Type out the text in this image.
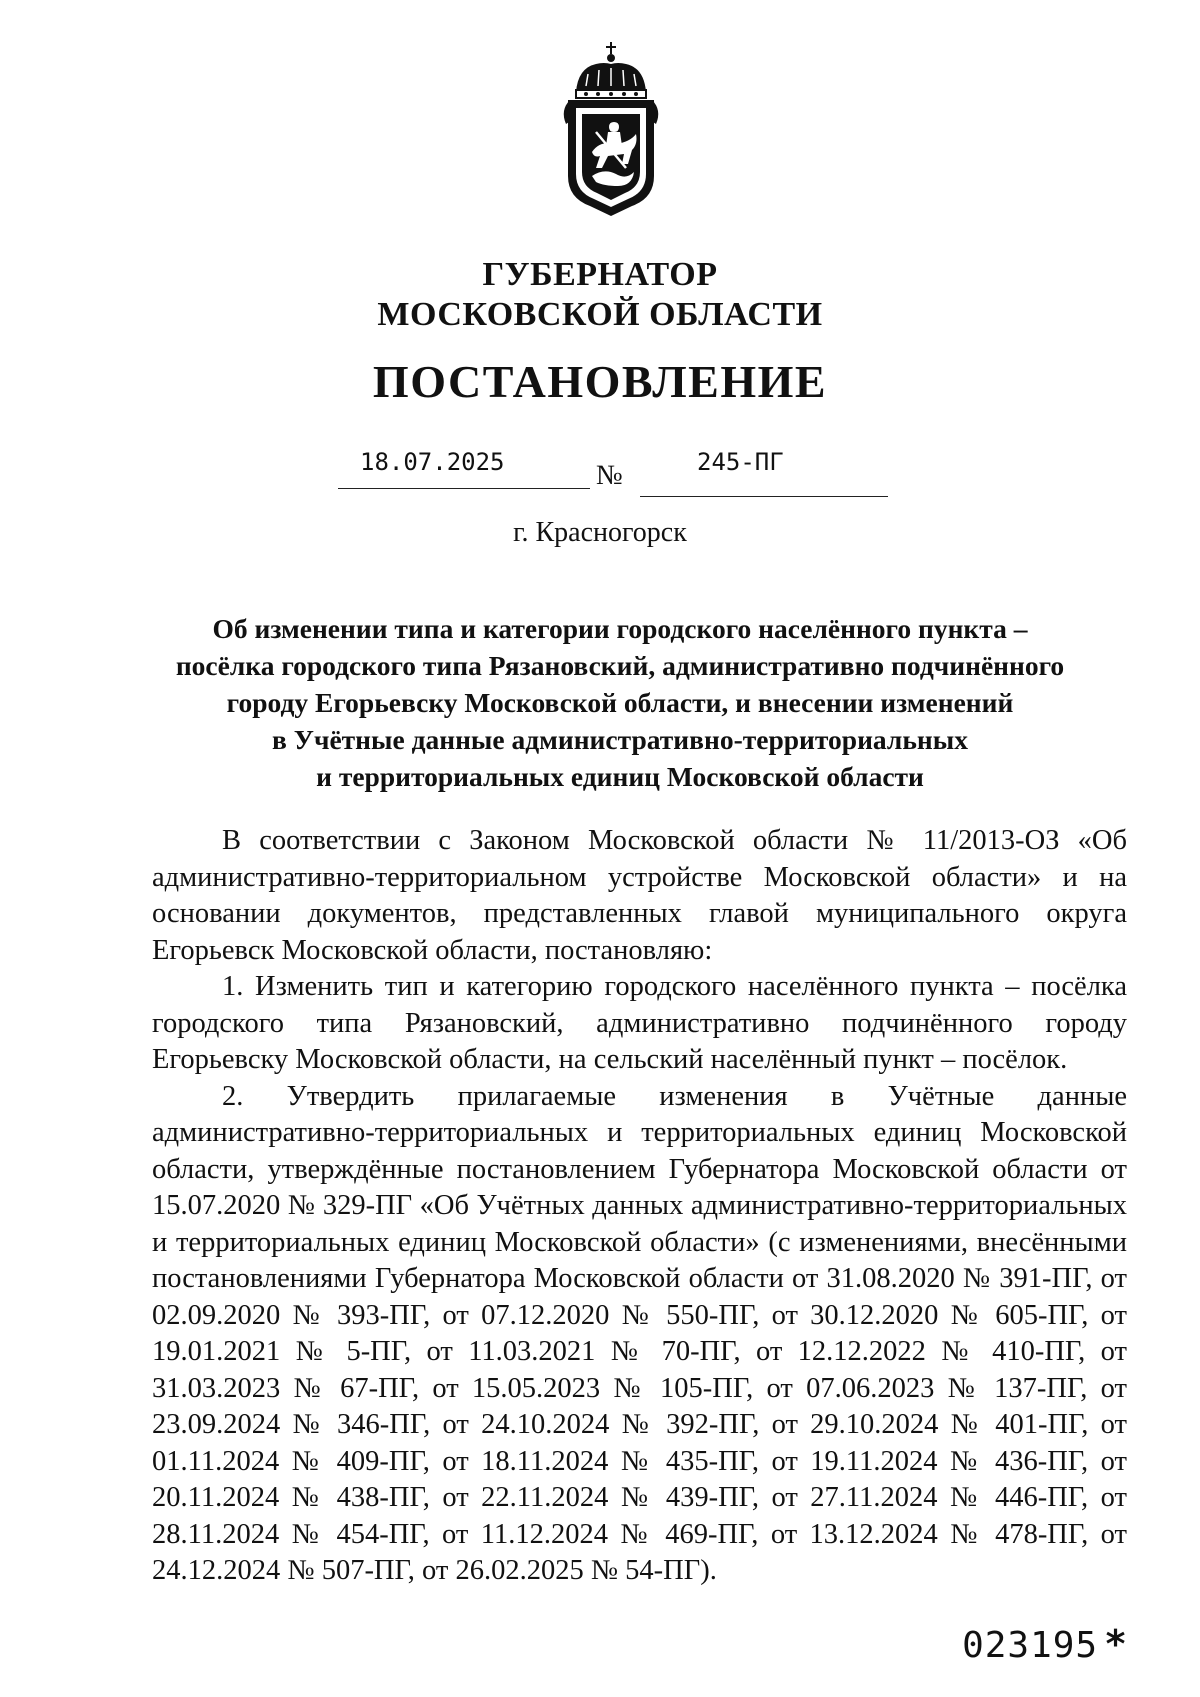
ГУБЕРНАТОР
МОСКОВСКОЙ ОБЛАСТИ
ПОСТАНОВЛЕНИЕ
18.07.2025	№	245-ПГ
г. Красногорск
Об изменении типа и категории городского населённого пункта –
посёлка городского типа Рязановский, административно подчинённого
городу Егорьевску Московской области, и внесении изменений
в Учётные данные административно-территориальных
и территориальных единиц Московской области

В соответствии с Законом Московской области № 11/2013-ОЗ «Об административно-территориальном устройстве Московской области» и на основании документов, представленных главой муниципального округа Егорьевск Московской области, постановляю:

1. Изменить тип и категорию городского населённого пункта – посёлка городского типа Рязановский, административно подчинённого городу Егорьевску Московской области, на сельский населённый пункт – посёлок.

2. Утвердить прилагаемые изменения в Учётные данные административно-территориальных и территориальных единиц Московской области, утверждённые постановлением Губернатора Московской области от 15.07.2020 № 329-ПГ «Об Учётных данных административно-территориальных и территориальных единиц Московской области» (с изменениями, внесёнными постановлениями Губернатора Московской области от 31.08.2020 № 391-ПГ, от 02.09.2020 № 393-ПГ, от 07.12.2020 № 550-ПГ, от 30.12.2020 № 605-ПГ, от 19.01.2021 № 5-ПГ, от 11.03.2021 № 70-ПГ, от 12.12.2022 № 410-ПГ, от 31.03.2023 № 67-ПГ, от 15.05.2023 № 105-ПГ, от 07.06.2023 № 137-ПГ, от 23.09.2024 № 346-ПГ, от 24.10.2024 № 392-ПГ, от 29.10.2024 № 401-ПГ, от 01.11.2024 № 409-ПГ, от 18.11.2024 № 435-ПГ, от 19.11.2024 № 436-ПГ, от 20.11.2024 № 438-ПГ, от 22.11.2024 № 439-ПГ, от 27.11.2024 № 446-ПГ, от 28.11.2024 № 454-ПГ, от 11.12.2024 № 469-ПГ, от 13.12.2024 № 478-ПГ, от 24.12.2024 № 507-ПГ, от 26.02.2025 № 54-ПГ).

023195 *
